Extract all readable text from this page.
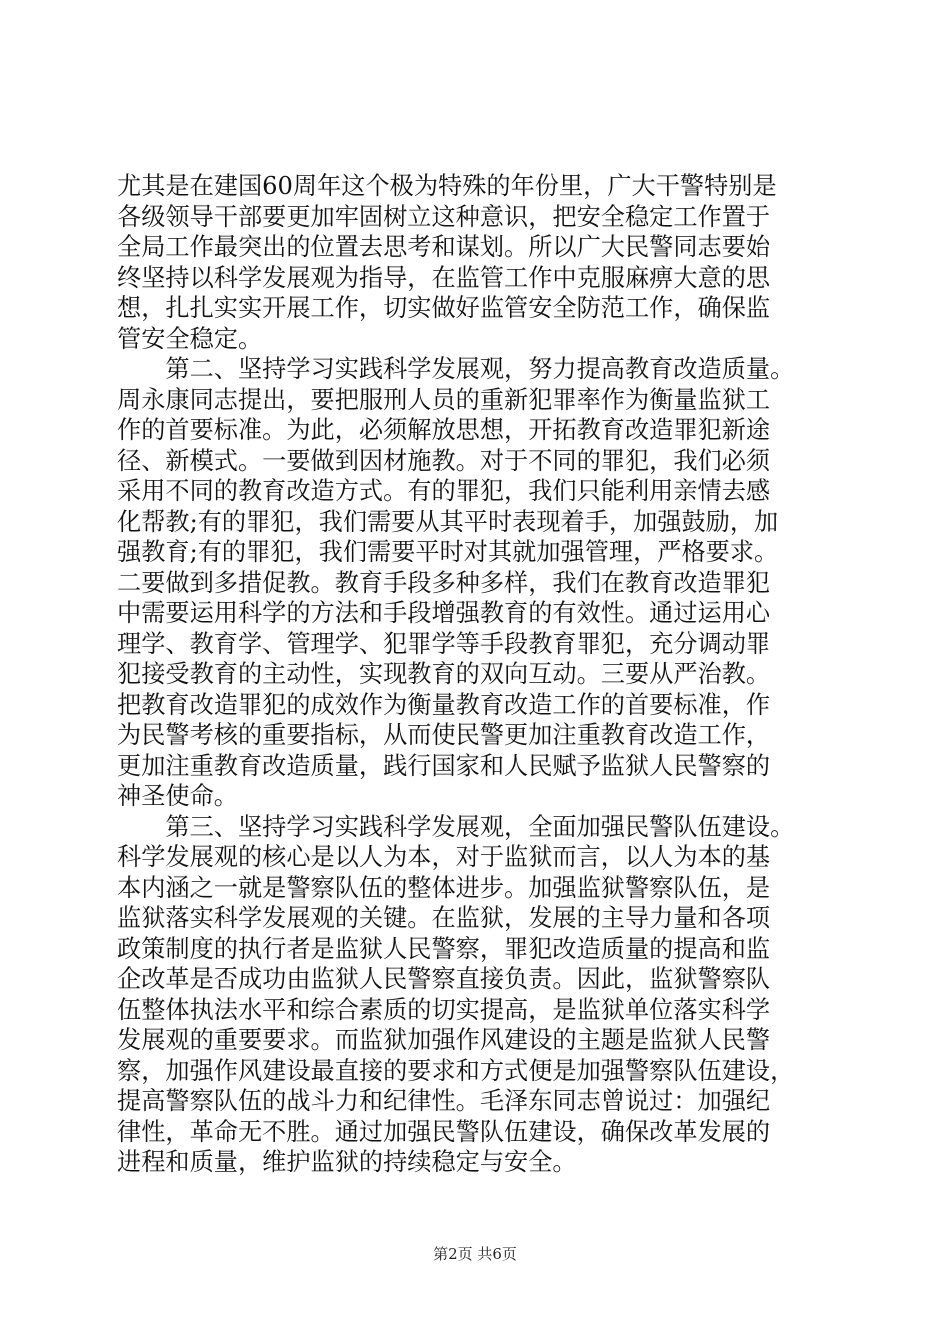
尤其是在建国60周年这个极为特殊的年份里，广大干警特别是
各级领导干部要更加牢固树立这种意识，把安全稳定工作置于
全局工作最突出的位置去思考和谋划。所以广大民警同志要始
终坚持以科学发展观为指导，在监管工作中克服麻痹大意的思
想，扎扎实实开展工作，切实做好监管安全防范工作，确保监
管安全稳定。
　　第二、坚持学习实践科学发展观，努力提高教育改造质量。
周永康同志提出，要把服刑人员的重新犯罪率作为衡量监狱工
作的首要标准。为此，必须解放思想，开拓教育改造罪犯新途
径、新模式。一要做到因材施教。对于不同的罪犯，我们必须
采用不同的教育改造方式。有的罪犯，我们只能利用亲情去感
化帮教;有的罪犯，我们需要从其平时表现着手，加强鼓励，加
强教育;有的罪犯，我们需要平时对其就加强管理，严格要求。
二要做到多措促教。教育手段多种多样，我们在教育改造罪犯
中需要运用科学的方法和手段增强教育的有效性。通过运用心
理学、教育学、管理学、犯罪学等手段教育罪犯，充分调动罪
犯接受教育的主动性，实现教育的双向互动。三要从严治教。
把教育改造罪犯的成效作为衡量教育改造工作的首要标准，作
为民警考核的重要指标，从而使民警更加注重教育改造工作，
更加注重教育改造质量，践行国家和人民赋予监狱人民警察的
神圣使命。
　　第三、坚持学习实践科学发展观，全面加强民警队伍建设。
科学发展观的核心是以人为本，对于监狱而言，以人为本的基
本内涵之一就是警察队伍的整体进步。加强监狱警察队伍，是
监狱落实科学发展观的关键。在监狱，发展的主导力量和各项
政策制度的执行者是监狱人民警察，罪犯改造质量的提高和监
企改革是否成功由监狱人民警察直接负责。因此，监狱警察队
伍整体执法水平和综合素质的切实提高，是监狱单位落实科学
发展观的重要要求。而监狱加强作风建设的主题是监狱人民警
察，加强作风建设最直接的要求和方式便是加强警察队伍建设，
提高警察队伍的战斗力和纪律性。毛泽东同志曾说过：加强纪
律性，革命无不胜。通过加强民警队伍建设，确保改革发展的
进程和质量，维护监狱的持续稳定与安全。
第2页 共6页
